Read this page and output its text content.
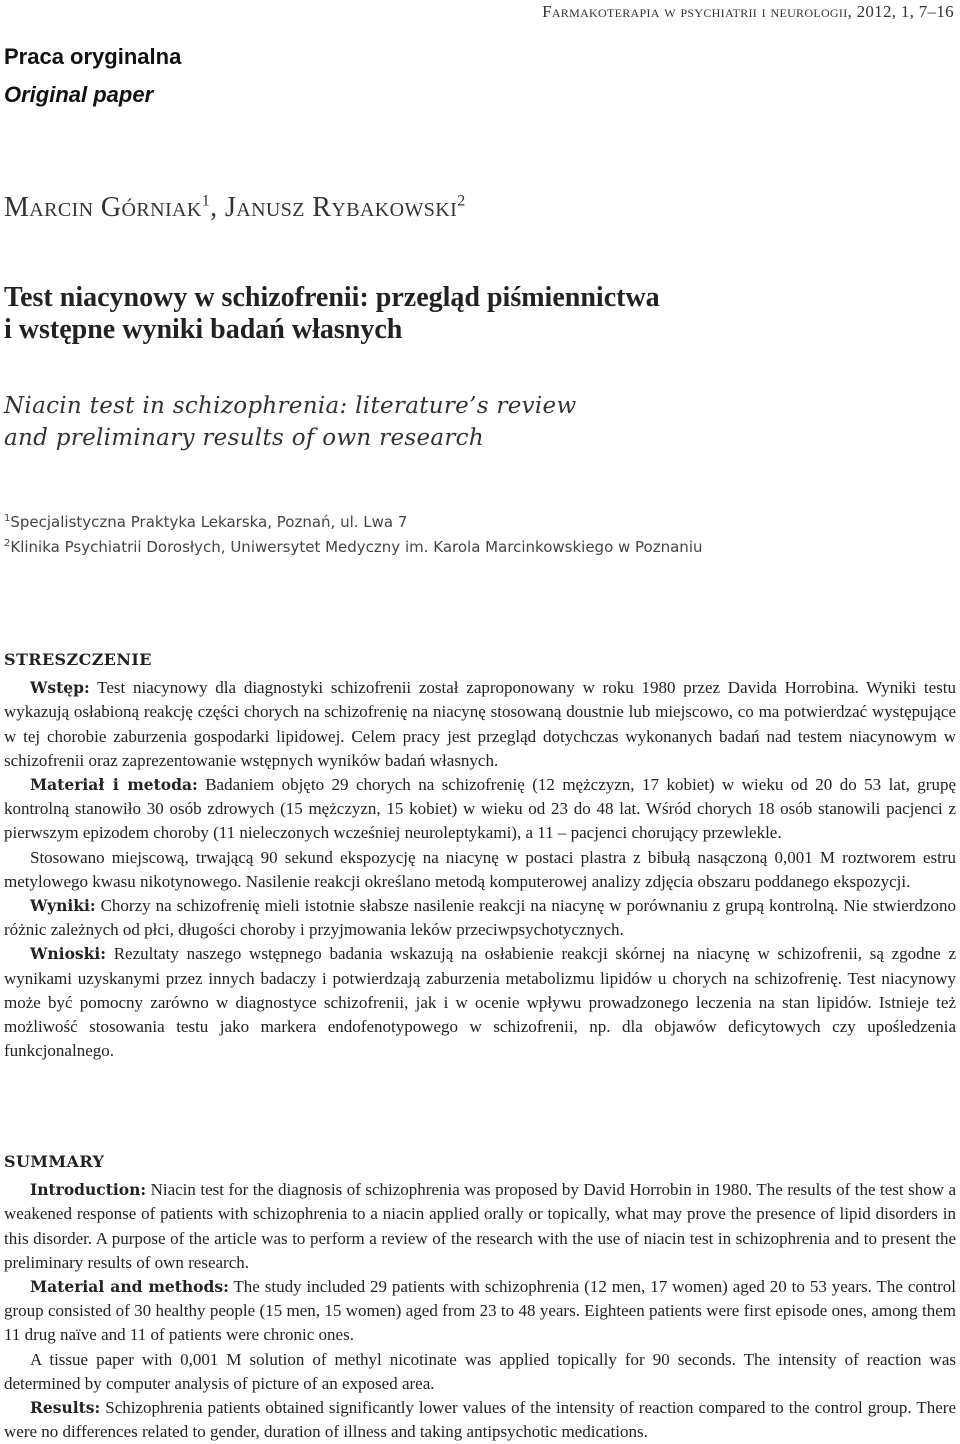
Farmakoterapia w psychiatrii i neurologii, 2012, 1, 7–16
Praca oryginalna
Original paper
Marcin Górniak$^1$, Janusz Rybakowski$^2$
Test niacynowy w schizofrenii: przegląd piśmiennictwa
i wstępne wyniki badań własnych
Niacin test in schizophrenia: literature’s review
and preliminary results of own research
$^1$Specjalistyczna Praktyka Lekarska, Poznań, ul. Lwa 7
$^2$Klinika Psychiatrii Dorosłych, Uniwersytet Medyczny im. Karola Marcinkowskiego w Poznaniu
STRESZCZENIE

Wstęp: Test niacynowy dla diagnostyki schizofrenii został zaproponowany w roku 1980 przez Davida Horrobina. Wyniki testu wykazują osłabioną reakcję części chorych na schizofrenię na niacynę stosowaną doustnie lub miejscowo, co ma potwierdzać występujące w tej chorobie zaburzenia gospodarki lipidowej. Celem pracy jest przegląd dotychczas wykonanych badań nad testem niacynowym w schizofrenii oraz zaprezentowanie wstępnych wyników badań własnych.

Materiał i metoda: Badaniem objęto 29 chorych na schizofrenię (12 mężczyzn, 17 kobiet) w wieku od 20 do 53 lat, grupę kontrolną stanowiło 30 osób zdrowych (15 mężczyzn, 15 kobiet) w wieku od 23 do 48 lat. Wśród chorych 18 osób stanowili pacjenci z pierwszym epizodem choroby (11 nieleczonych wcześniej neuroleptykami), a 11 – pacjenci chorujący przewlekle.

Stosowano miejscową, trwającą 90 sekund ekspozycję na niacynę w postaci plastra z bibułą nasączoną 0,001 M roztworem estru metylowego kwasu nikotynowego. Nasilenie reakcji określano metodą komputerowej analizy zdjęcia obszaru poddanego ekspozycji.

Wyniki: Chorzy na schizofrenię mieli istotnie słabsze nasilenie reakcji na niacynę w porównaniu z grupą kontrolną. Nie stwierdzono różnic zależnych od płci, długości choroby i przyjmowania leków przeciwpsychotycznych.

Wnioski: Rezultaty naszego wstępnego badania wskazują na osłabienie reakcji skórnej na niacynę w schizofrenii, są zgodne z wynikami uzyskanymi przez innych badaczy i potwierdzają zaburzenia metabolizmu lipidów u chorych na schizofrenię. Test niacynowy może być pomocny zarówno w diagnostyce schizofrenii, jak i w ocenie wpływu prowadzonego leczenia na stan lipidów. Istnieje też możliwość stosowania testu jako markera endofenotypowego w schizofrenii, np. dla objawów deficytowych czy upośledzenia funkcjonalnego.

SUMMARY

Introduction: Niacin test for the diagnosis of schizophrenia was proposed by David Horrobin in 1980. The results of the test show a weakened response of patients with schizophrenia to a niacin applied orally or topically, what may prove the presence of lipid disorders in this disorder. A purpose of the article was to perform a review of the research with the use of niacin test in schizophrenia and to present the preliminary results of own research.

Material and methods: The study included 29 patients with schizophrenia (12 men, 17 women) aged 20 to 53 years. The control group consisted of 30 healthy people (15 men, 15 women) aged from 23 to 48 years. Eighteen patients were first episode ones, among them 11 drug naïve and 11 of patients were chronic ones.

A tissue paper with 0,001 M solution of methyl nicotinate was applied topically for 90 seconds. The intensity of reaction was determined by computer analysis of picture of an exposed area.

Results: Schizophrenia patients obtained significantly lower values of the intensity of reaction compared to the control group. There were no differences related to gender, duration of illness and taking antipsychotic medications.
